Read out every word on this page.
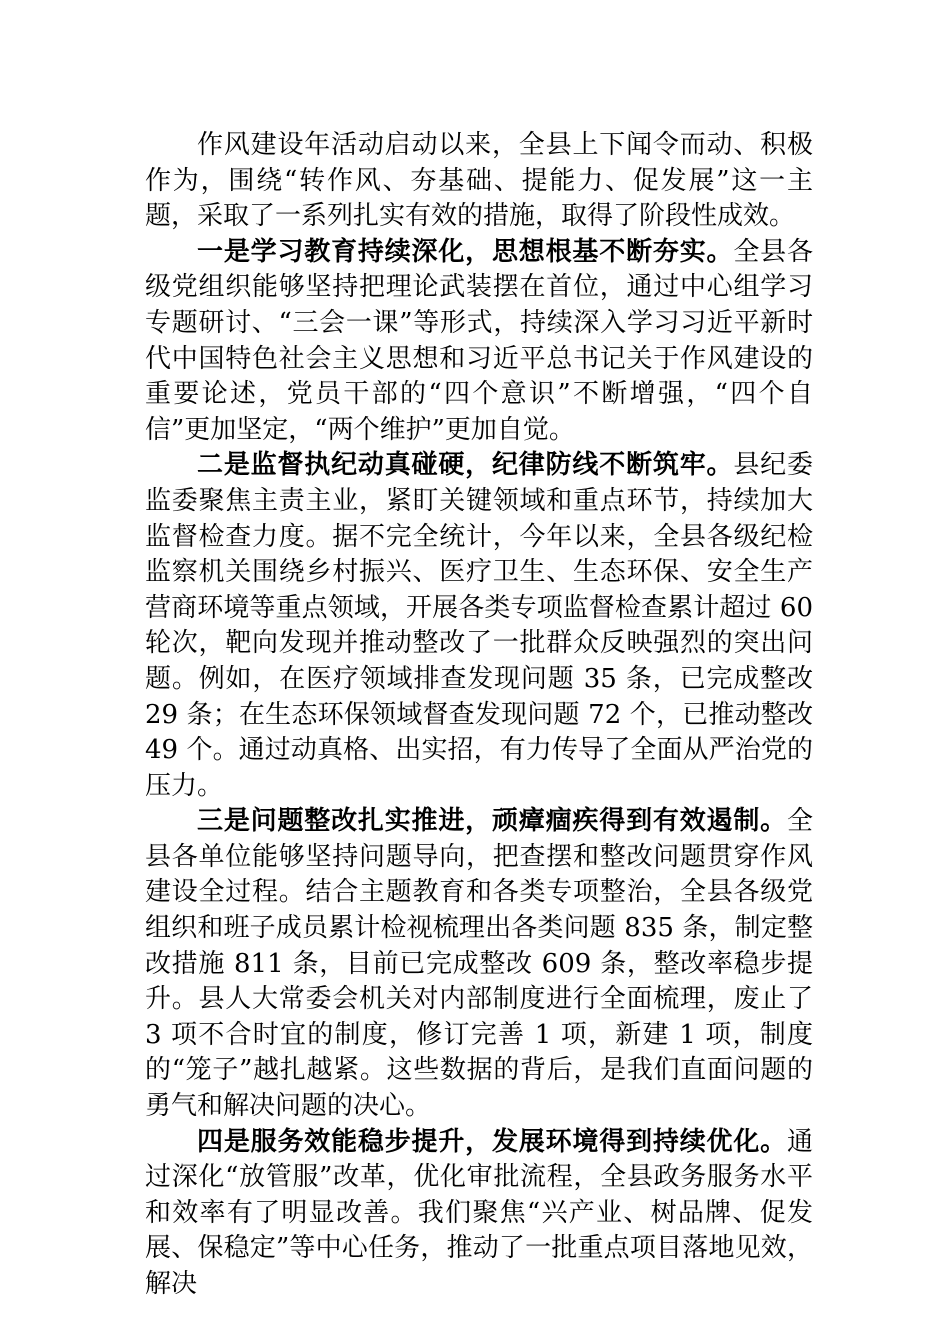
作风建设年活动启动以来，全县上下闻令而动、积极作为，围绕“转作风、夯基础、提能力、促发展”这一主题，采取了一系列扎实有效的措施，取得了阶段性成效。

一是学习教育持续深化，思想根基不断夯实。全县各级党组织能够坚持把理论武装摆在首位，通过中心组学习专题研讨、“三会一课”等形式，持续深入学习习近平新时代中国特色社会主义思想和习近平总书记关于作风建设的重要论述，党员干部的“四个意识”不断增强，“四个自信”更加坚定，“两个维护”更加自觉。

二是监督执纪动真碰硬，纪律防线不断筑牢。县纪委监委聚焦主责主业，紧盯关键领域和重点环节，持续加大监督检查力度。据不完全统计，今年以来，全县各级纪检监察机关围绕乡村振兴、医疗卫生、生态环保、安全生产营商环境等重点领域，开展各类专项监督检查累计超过 60 轮次，靶向发现并推动整改了一批群众反映强烈的突出问题。例如，在医疗领域排查发现问题 35 条，已完成整改 29 条；在生态环保领域督查发现问题 72 个，已推动整改 49 个。通过动真格、出实招，有力传导了全面从严治党的压力。

三是问题整改扎实推进，顽瘴痼疾得到有效遏制。全县各单位能够坚持问题导向，把查摆和整改问题贯穿作风建设全过程。结合主题教育和各类专项整治，全县各级党组织和班子成员累计检视梳理出各类问题 835 条，制定整改措施 811 条，目前已完成整改 609 条，整改率稳步提升。县人大常委会机关对内部制度进行全面梳理，废止了 3 项不合时宜的制度，修订完善 1 项，新建 1 项，制度的“笼子”越扎越紧。这些数据的背后，是我们直面问题的勇气和解决问题的决心。

四是服务效能稳步提升，发展环境得到持续优化。通过深化“放管服”改革，优化审批流程，全县政务服务水平和效率有了明显改善。我们聚焦“兴产业、树品牌、促发展、保稳定”等中心任务，推动了一批重点项目落地见效，解决
